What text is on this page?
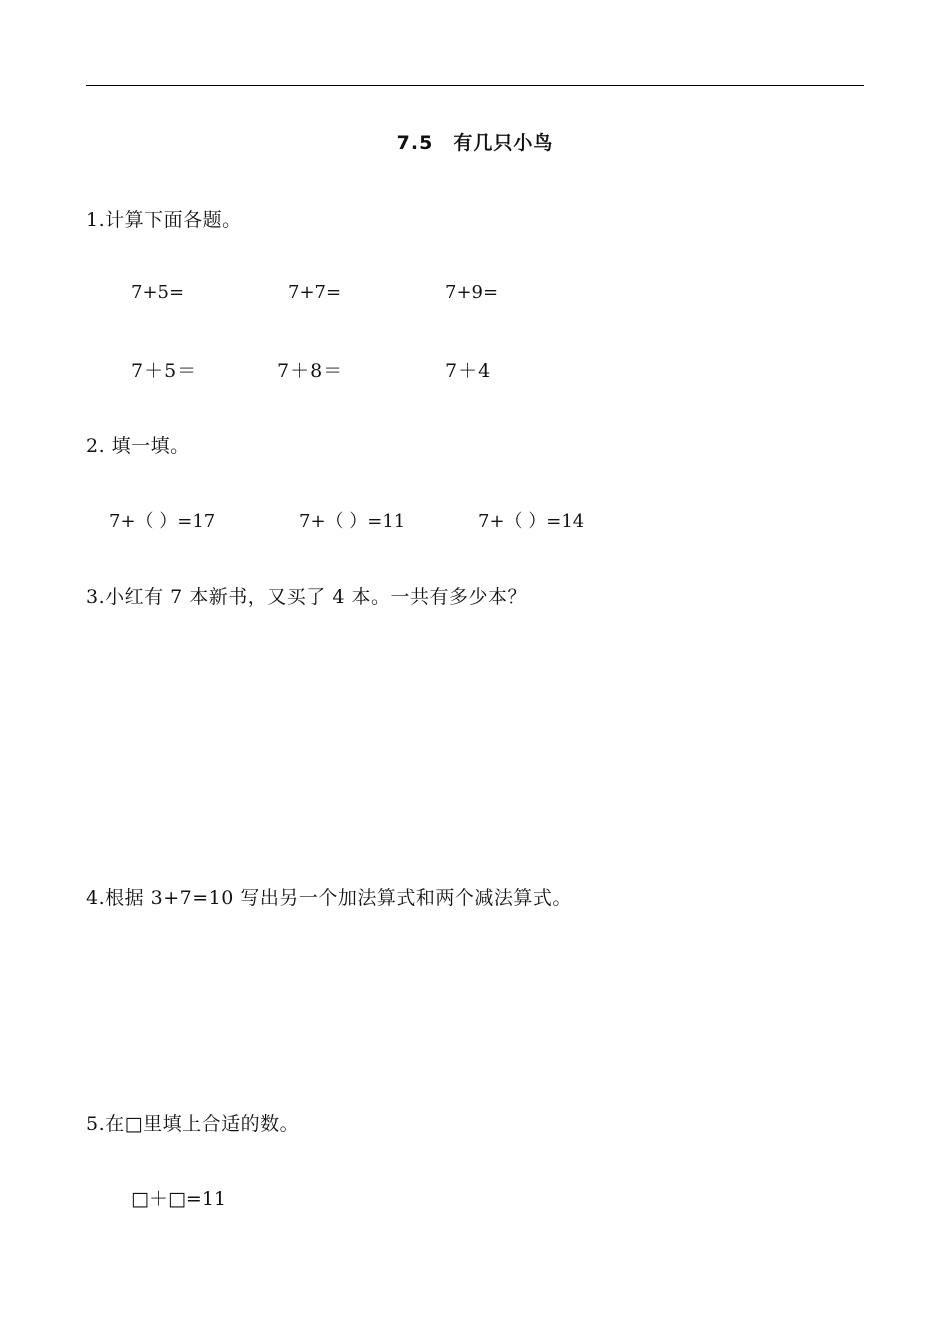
7.5　有几只小鸟
1.计算下面各题。
7+5=	7+7=	7+9=
7＋5＝	7＋8＝	7＋4
2. 填一填。
7+（ ）=17	7+（ ）=11	7+（ ）=14
3.小红有 7 本新书，又买了 4 本。一共有多少本？
4.根据 3+7=10 写出另一个加法算式和两个减法算式。
5.在□里填上合适的数。
□＋□=11
